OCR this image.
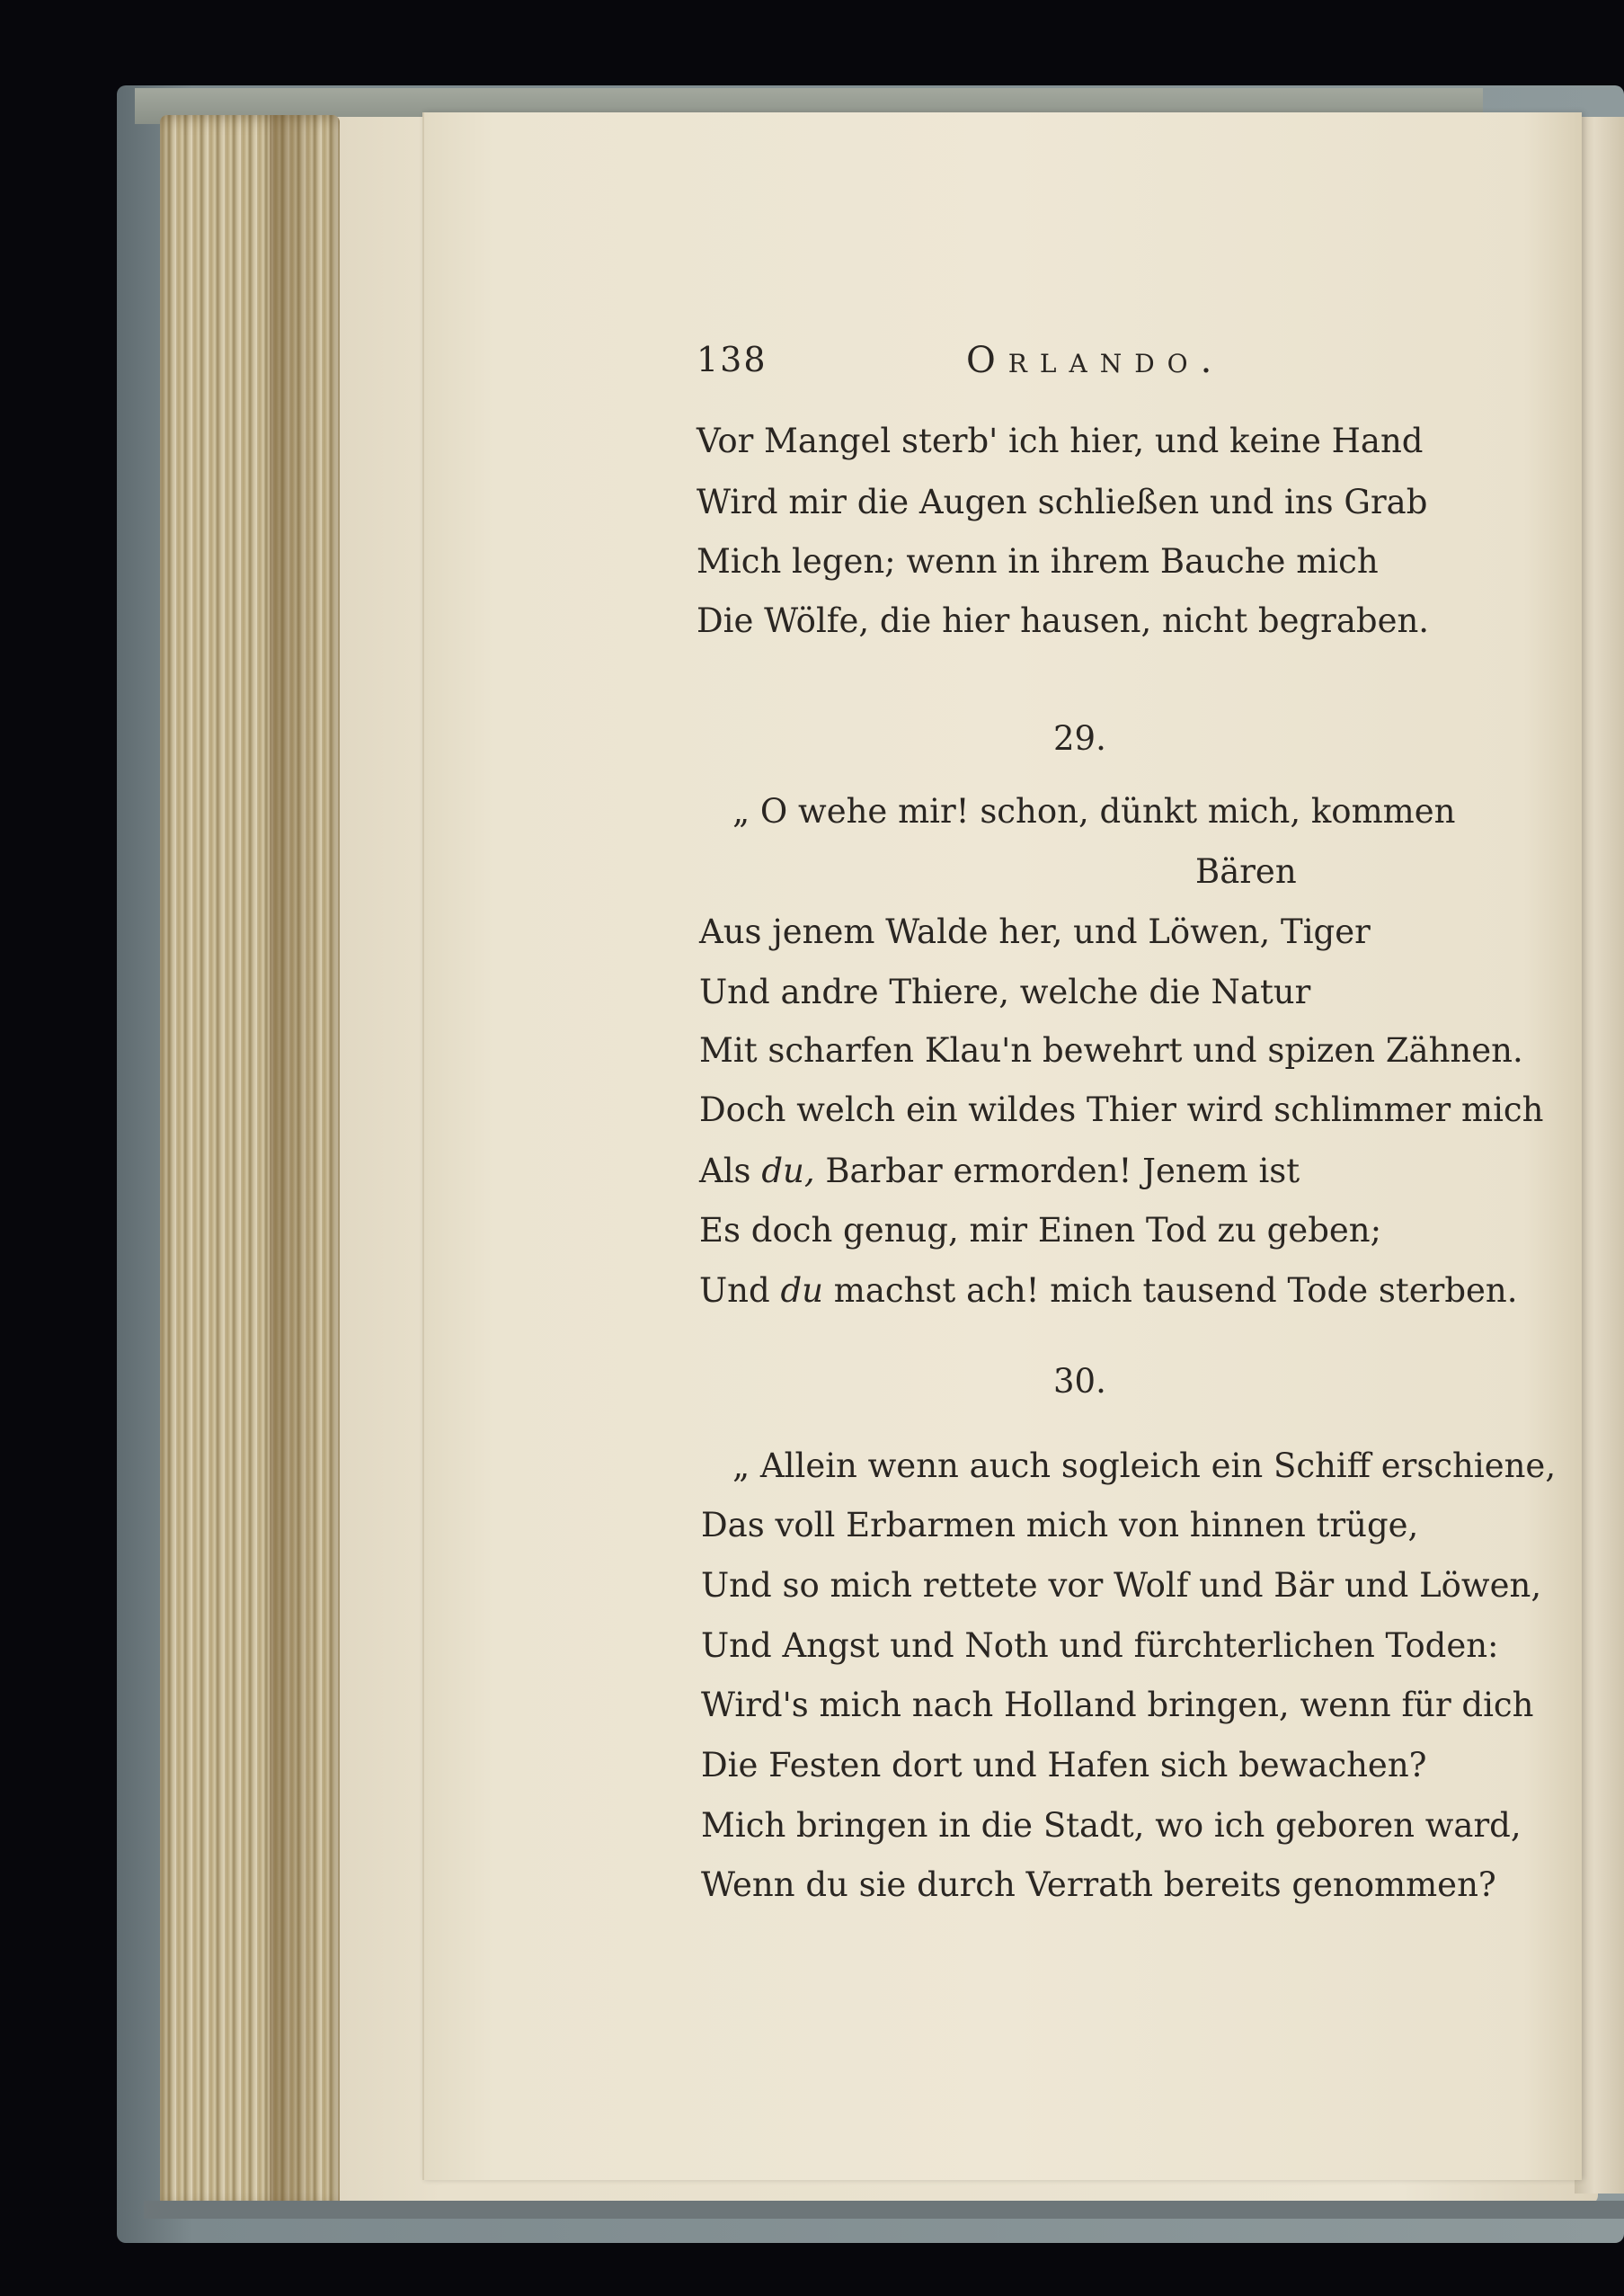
138	Orlando.
Vor Mangel sterb' ich hier, und keine Hand
Wird mir die Augen schließen und ins Grab
Mich legen; wenn in ihrem Bauche mich
Die Wölfe, die hier hausen, nicht begraben.
29.
„ O wehe mir! schon, dünkt mich, kommen
Bären
Aus jenem Walde her, und Löwen, Tiger
Und andre Thiere, welche die Natur
Mit scharfen Klau'n bewehrt und spizen Zähnen.
Doch welch ein wildes Thier wird schlimmer mich
Als du, Barbar ermorden! Jenem ist
Es doch genug, mir Einen Tod zu geben;
Und du machst ach! mich tausend Tode sterben.
30.
„ Allein wenn auch sogleich ein Schiff erschiene,
Das voll Erbarmen mich von hinnen trüge,
Und so mich rettete vor Wolf und Bär und Löwen,
Und Angst und Noth und fürchterlichen Toden:
Wird's mich nach Holland bringen, wenn für dich
Die Festen dort und Hafen sich bewachen?
Mich bringen in die Stadt, wo ich geboren ward,
Wenn du sie durch Verrath bereits genommen?
